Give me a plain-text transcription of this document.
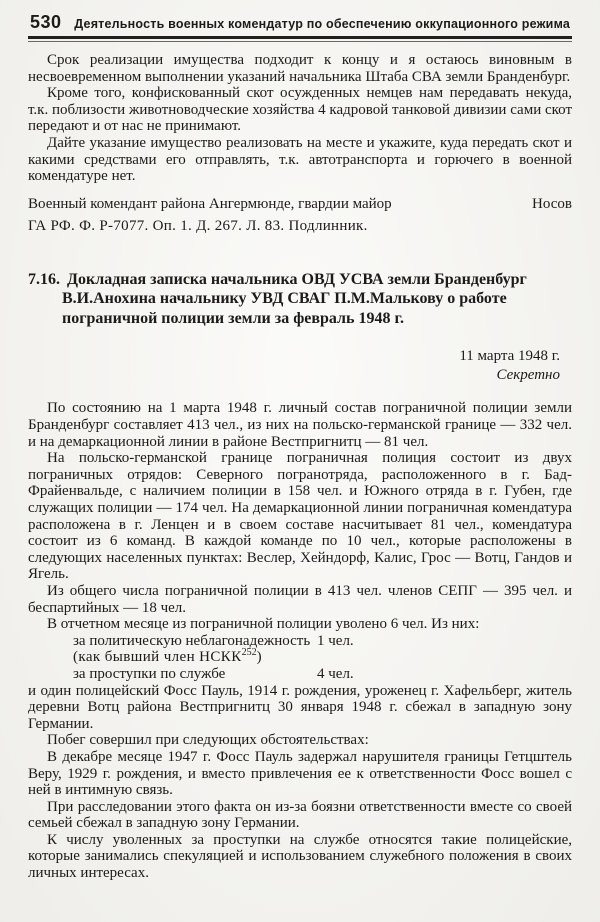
530 Деятельность военных комендатур по обеспечению оккупационного режима
Срок реализации имущества подходит к концу и я остаюсь виновным в несвоевременном выполнении указаний начальника Штаба СВА земли Бранденбург.
Кроме того, конфискованный скот осужденных немцев нам передавать некуда, т.к. поблизости животноводческие хозяйства 4 кадровой танковой дивизии сами скот передают и от нас не принимают.
Дайте указание имущество реализовать на месте и укажите, куда передать скот и какими средствами его отправлять, т.к. автотранспорта и горючего в военной комендатуре нет.
Военный комендант района Ангермюнде, гвардии майор	Носов
ГА РФ. Ф. Р-7077. Оп. 1. Д. 267. Л. 83. Подлинник.
7.16. Докладная записка начальника ОВД УСВА земли Бранденбург В.И.Анохина начальнику УВД СВАГ П.М.Малькову о работе пограничной полиции земли за февраль 1948 г.
11 марта 1948 г.
Секретно
По состоянию на 1 марта 1948 г. личный состав пограничной полиции земли Бранденбург составляет 413 чел., из них на польско-германской границе — 332 чел. и на демаркационной линии в районе Вестпригнитц — 81 чел.
На польско-германской границе пограничная полиция состоит из двух пограничных отрядов: Северного погранотряда, расположенного в г. Бад-Фрайенвальде, с наличием полиции в 158 чел. и Южного отряда в г. Губен, где служащих полиции — 174 чел. На демаркационной линии пограничная комендатура расположена в г. Ленцен и в своем составе насчитывает 81 чел., комендатура состоит из 6 команд. В каждой команде по 10 чел., которые расположены в следующих населенных пунктах: Веслер, Хейндорф, Калис, Грос — Вотц, Гандов и Ягель.
Из общего числа пограничной полиции в 413 чел. членов СЕПГ — 395 чел. и беспартийных — 18 чел.
В отчетном месяце из пограничной полиции уволено 6 чел. Из них:
за политическую неблагонадежность 1 чел.
(как бывший член НСКК$^{252}$)
за проступки по службе	4 чел.
и один полицейский Фосс Пауль, 1914 г. рождения, уроженец г. Хафельберг, житель деревни Вотц района Вестпригнитц 30 января 1948 г. сбежал в западную зону Германии.
Побег совершил при следующих обстоятельствах:
В декабре месяце 1947 г. Фосс Пауль задержал нарушителя границы Гетцштель Веру, 1929 г. рождения, и вместо привлечения ее к ответственности Фосс вошел с ней в интимную связь.
При расследовании этого факта он из-за боязни ответственности вместе со своей семьей сбежал в западную зону Германии.
К числу уволенных за проступки на службе относятся такие полицейские, которые занимались спекуляцией и использованием служебного положения в своих личных интересах.
